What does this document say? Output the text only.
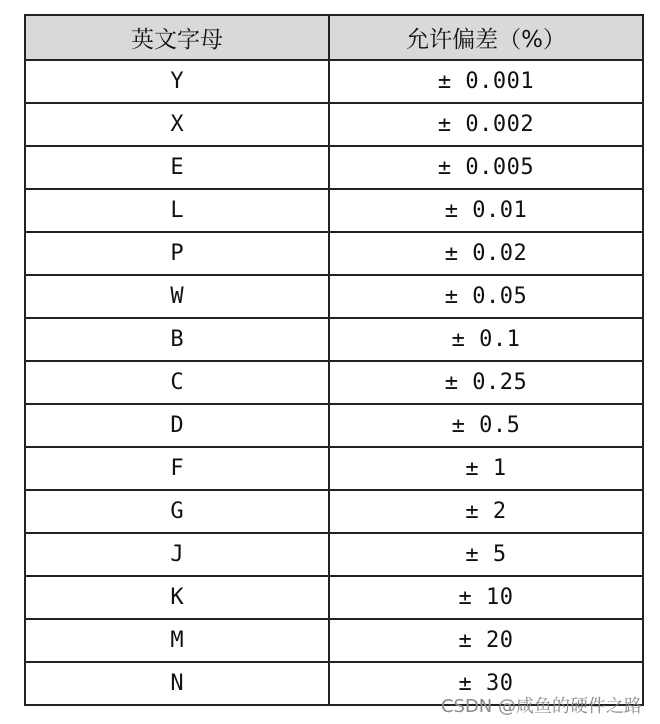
英文字母	允许偏差（%）
Y	± 0.001
X	± 0.002
E	± 0.005
L	± 0.01
P	± 0.02
W	± 0.05
B	± 0.1
C	± 0.25
D	± 0.5
F	± 1
G	± 2
J	± 5
K	± 10
M	± 20
N	± 30
CSDN @咸鱼的硬件之路
